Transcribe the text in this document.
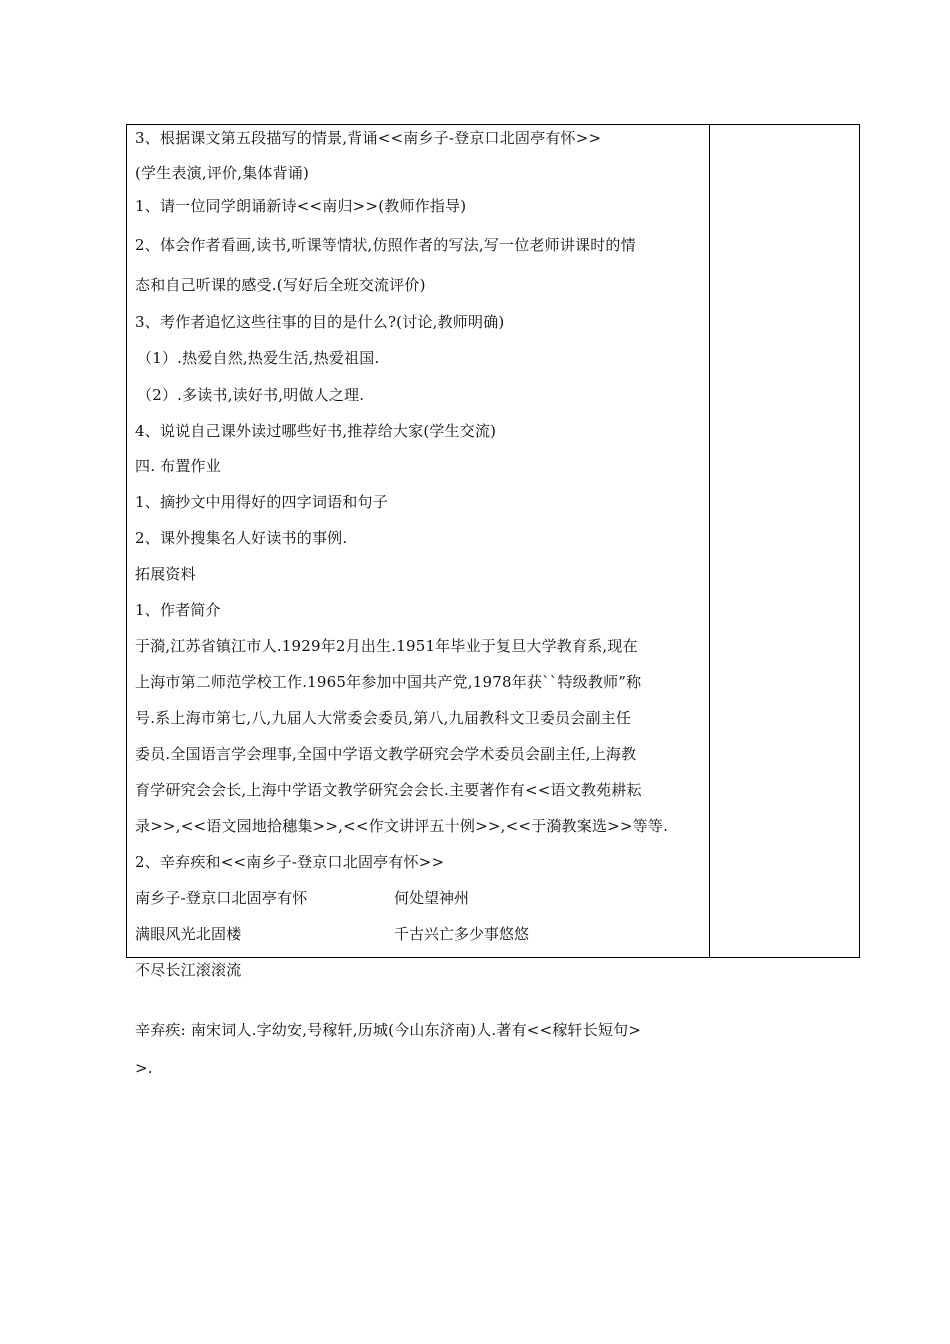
3、根据课文第五段描写的情景,背诵<<南乡子-登京口北固亭有怀>>
(学生表演,评价,集体背诵)
1、请一位同学朗诵新诗<<南归>>(教师作指导)
2、体会作者看画,读书,听课等情状,仿照作者的写法,写一位老师讲课时的情
态和自己听课的感受.(写好后全班交流评价)
3、考作者追忆这些往事的目的是什么?(讨论,教师明确)
（1）.热爱自然,热爱生活,热爱祖国.
（2）.多读书,读好书,明做人之理.
4、说说自己课外读过哪些好书,推荐给大家(学生交流)
四. 布置作业
1、摘抄文中用得好的四字词语和句子
2、课外搜集名人好读书的事例.
拓展资料
1、作者简介
于漪,江苏省镇江市人.1929年2月出生.1951年毕业于复旦大学教育系,现在
上海市第二师范学校工作.1965年参加中国共产党,1978年获``特级教师”称
号.系上海市第七,八,九届人大常委会委员,第八,九届教科文卫委员会副主任
委员.全国语言学会理事,全国中学语文教学研究会学术委员会副主任,上海教
育学研究会会长,上海中学语文教学研究会会长.主要著作有<<语文教苑耕耘
录>>,<<语文园地拾穗集>>,<<作文讲评五十例>>,<<于漪教案选>>等等.
2、辛弃疾和<<南乡子-登京口北固亭有怀>>
南乡子-登京口北固亭有怀	何处望神州
满眼风光北固楼	千古兴亡多少事悠悠
不尽长江滚滚流
辛弃疾: 南宋词人.字幼安,号稼轩,历城(今山东济南)人.著有<<稼轩长短句>
>.
